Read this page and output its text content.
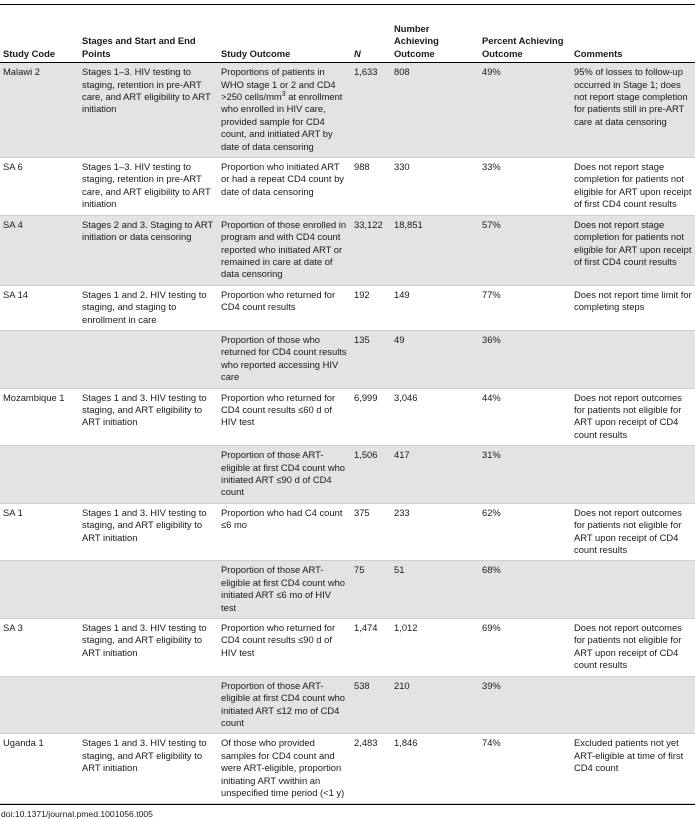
Study Code	Stages and Start and End Points	Study Outcome	N	Number Achieving Outcome	Percent Achieving Outcome	Comments
Malawi 2	Stages 1–3. HIV testing to staging, retention in pre-ART care, and ART eligibility to ART initiation	Proportions of patients in WHO stage 1 or 2 and CD4 >250 cells/$mm^3$ at enrollment who enrolled in HIV care, provided sample for CD4 count, and initiated ART by date of data censoring	1,633	808	49%	95% of losses to follow-up occurred in Stage 1; does not report stage completion for patients still in pre-ART care at data censoring
SA 6	Stages 1–3. HIV testing to staging, retention in pre-ART care, and ART eligibility to ART initiation	Proportion who initiated ART or had a repeat CD4 count by date of data censoring	988	330	33%	Does not report stage completion for patients not eligible for ART upon receipt of first CD4 count results
SA 4	Stages 2 and 3. Staging to ART initiation or data censoring	Proportion of those enrolled in program and with CD4 count reported who initiated ART or remained in care at date of data censoring	33,122	18,851	57%	Does not report stage completion for patients not eligible for ART upon receipt of first CD4 count results
SA 14	Stages 1 and 2. HIV testing to staging, and staging to enrollment in care	Proportion who returned for CD4 count results	192	149	77%	Does not report time limit for completing steps
		Proportion of those who returned for CD4 count results who reported accessing HIV care	135	49	36%	
Mozambique 1	Stages 1 and 3. HIV testing to staging, and ART eligibility to ART initiation	Proportion who returned for CD4 count results ≤60 d of HIV test	6,999	3,046	44%	Does not report outcomes for patients not eligible for ART upon receipt of CD4 count results
		Proportion of those ART-eligible at first CD4 count who initiated ART ≤90 d of CD4 count	1,506	417	31%	
SA 1	Stages 1 and 3. HIV testing to staging, and ART eligibility to ART initiation	Proportion who had C4 count ≤6 mo	375	233	62%	Does not report outcomes for patients not eligible for ART upon receipt of CD4 count results
		Proportion of those ART-eligible at first CD4 count who initiated ART ≤6 mo of HIV test	75	51	68%	
SA 3	Stages 1 and 3. HIV testing to staging, and ART eligibility to ART initiation	Proportion who returned for CD4 count results ≤90 d of HIV test	1,474	1,012	69%	Does not report outcomes for patients not eligible for ART upon receipt of CD4 count results
		Proportion of those ART-eligible at first CD4 count who initiated ART ≤12 mo of CD4 count	538	210	39%	
Uganda 1	Stages 1 and 3. HIV testing to staging, and ART eligibility to ART initiation	Of those who provided samples for CD4 count and were ART-eligible, proportion initiating ART vwithin an unspecified time period (<1 y)	2,483	1,846	74%	Excluded patients not yet ART-eligible at time of first CD4 count
doi:10.1371/journal.pmed.1001056.t005
